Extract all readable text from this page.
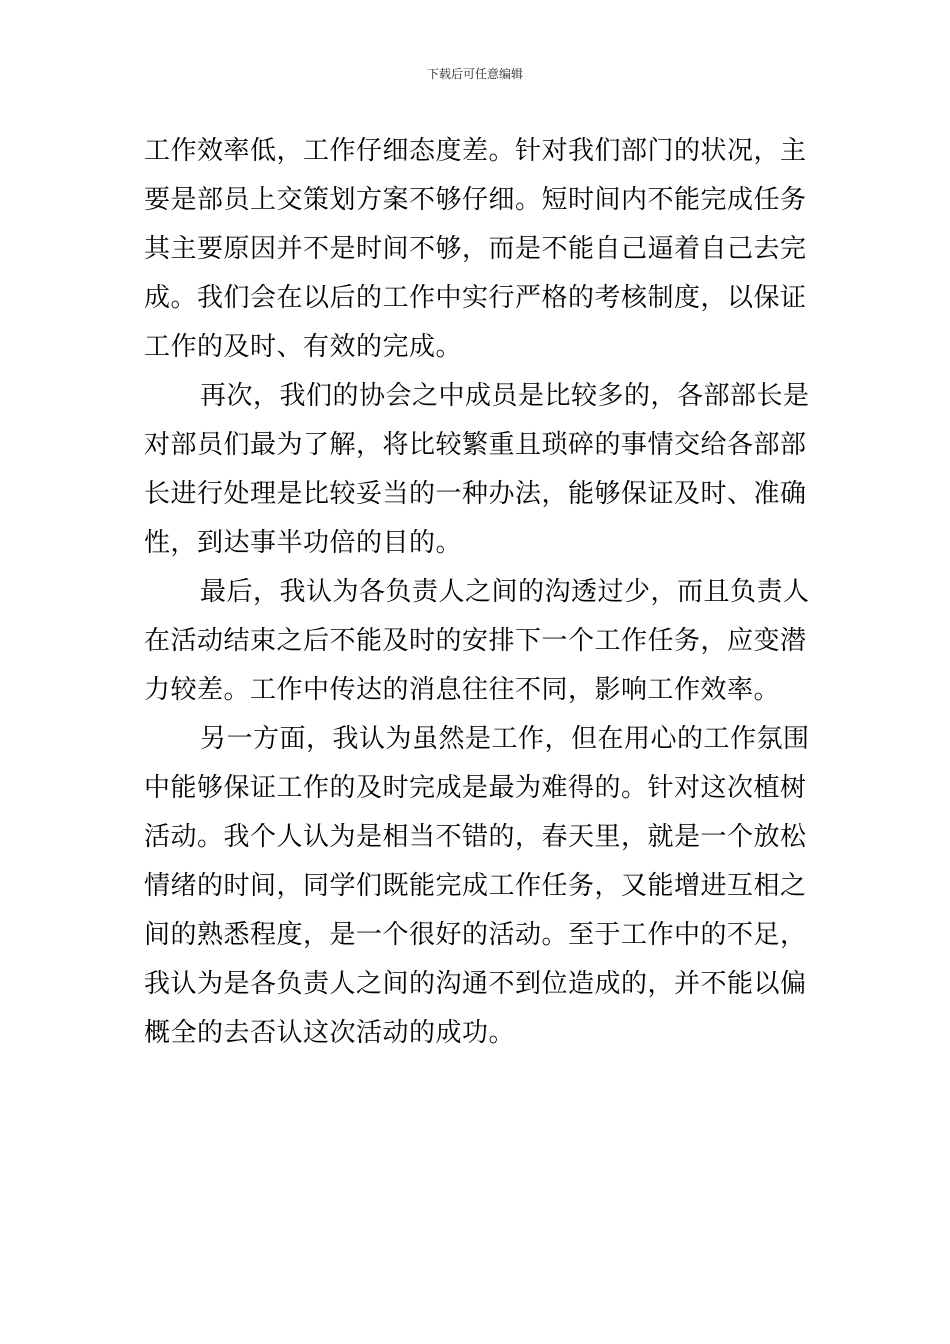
下载后可任意编辑
工作效率低，工作仔细态度差。针对我们部门的状况，主
要是部员上交策划方案不够仔细。短时间内不能完成任务
其主要原因并不是时间不够，而是不能自己逼着自己去完
成。我们会在以后的工作中实行严格的考核制度，以保证
工作的及时、有效的完成。
再次，我们的协会之中成员是比较多的，各部部长是
对部员们最为了解，将比较繁重且琐碎的事情交给各部部
长进行处理是比较妥当的一种办法，能够保证及时、准确
性，到达事半功倍的目的。
最后，我认为各负责人之间的沟透过少，而且负责人
在活动结束之后不能及时的安排下一个工作任务，应变潜
力较差。工作中传达的消息往往不同，影响工作效率。
另一方面，我认为虽然是工作，但在用心的工作氛围
中能够保证工作的及时完成是最为难得的。针对这次植树
活动。我个人认为是相当不错的，春天里，就是一个放松
情绪的时间，同学们既能完成工作任务，又能增进互相之
间的熟悉程度，是一个很好的活动。至于工作中的不足，
我认为是各负责人之间的沟通不到位造成的，并不能以偏
概全的去否认这次活动的成功。
